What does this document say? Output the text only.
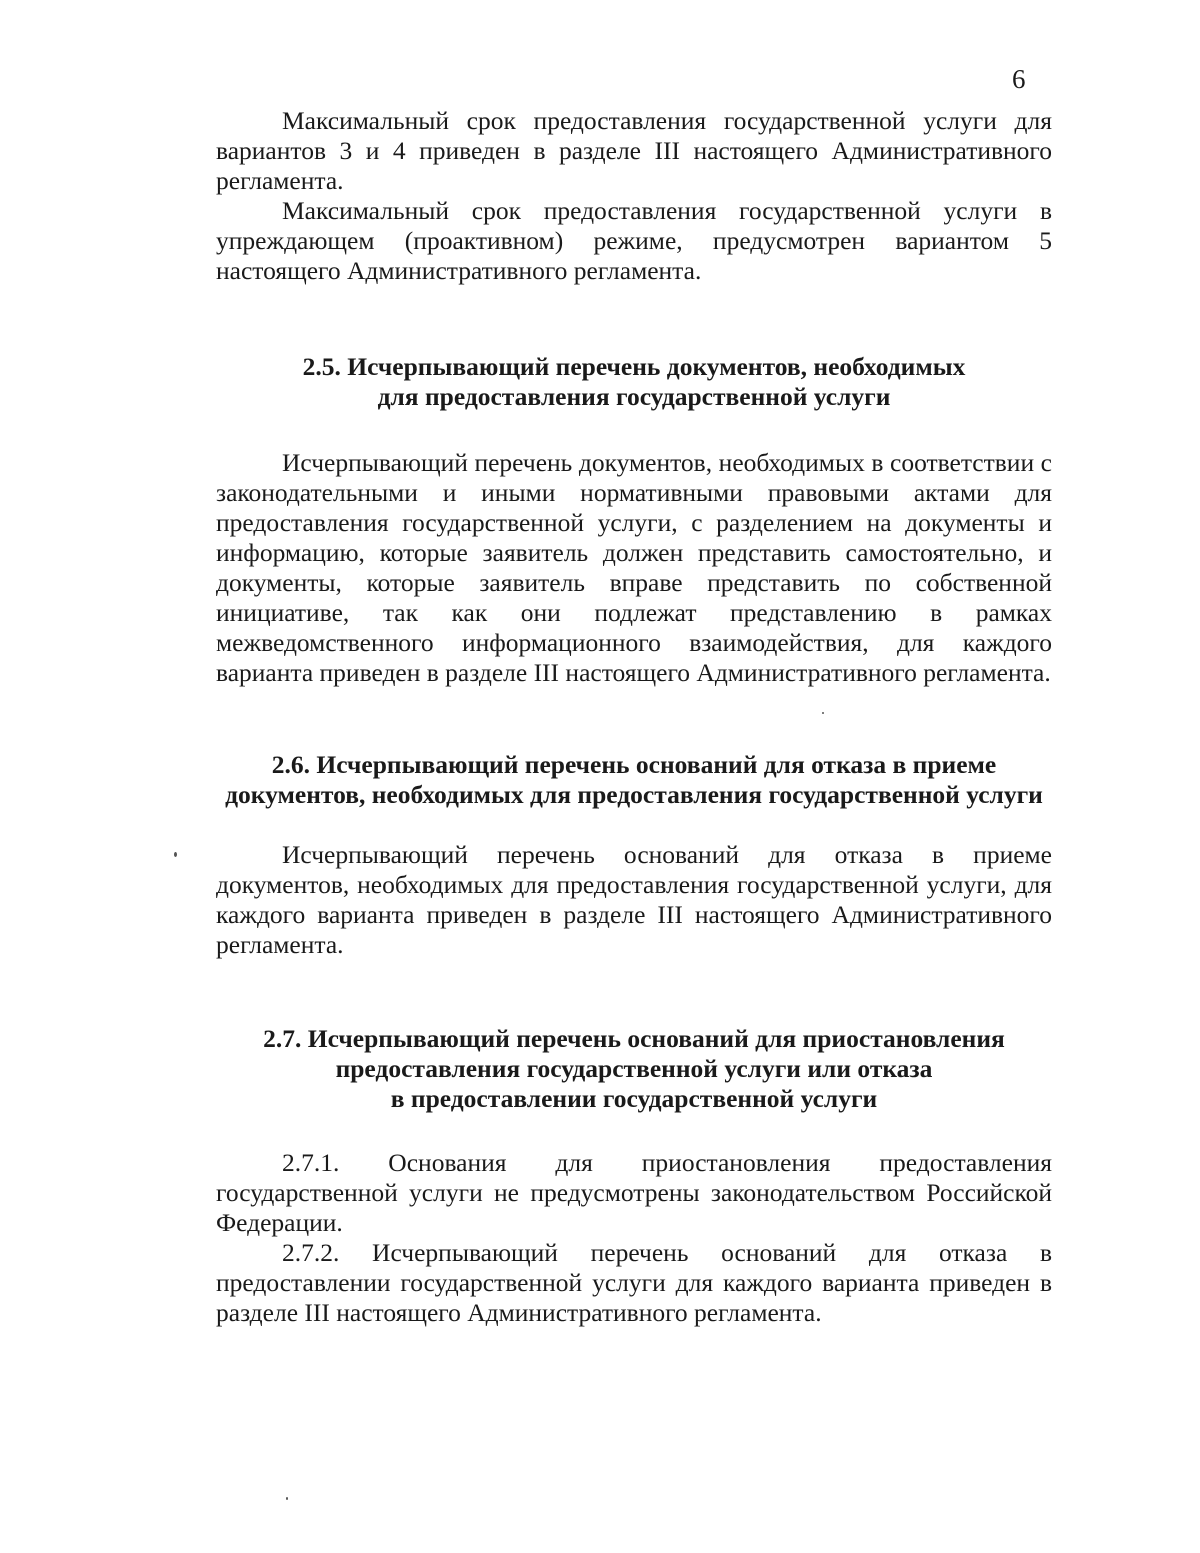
6

Максимальный срок предоставления государственной услуги для вариантов 3 и 4 приведен в разделе III настоящего Административного регламента.

Максимальный срок предоставления государственной услуги в упреждающем (проактивном) режиме, предусмотрен вариантом 5 настоящего Административного регламента.

2.5. Исчерпывающий перечень документов, необходимых
для предоставления государственной услуги

Исчерпывающий перечень документов, необходимых в соответствии с законодательными и иными нормативными правовыми актами для предоставления государственной услуги, с разделением на документы и информацию, которые заявитель должен представить самостоятельно, и документы, которые заявитель вправе представить по собственной инициативе, так как они подлежат представлению в рамках межведомственного информационного взаимодействия, для каждого варианта приведен в разделе III настоящего Административного регламента.

2.6. Исчерпывающий перечень оснований для отказа в приеме
документов, необходимых для предоставления государственной услуги

Исчерпывающий перечень оснований для отказа в приеме документов, необходимых для предоставления государственной услуги, для каждого варианта приведен в разделе III настоящего Административного регламента.

2.7. Исчерпывающий перечень оснований для приостановления
предоставления государственной услуги или отказа
в предоставлении государственной услуги

2.7.1. Основания для приостановления предоставления государственной услуги не предусмотрены законодательством Российской Федерации.

2.7.2. Исчерпывающий перечень оснований для отказа в предоставлении государственной услуги для каждого варианта приведен в разделе III настоящего Административного регламента.
